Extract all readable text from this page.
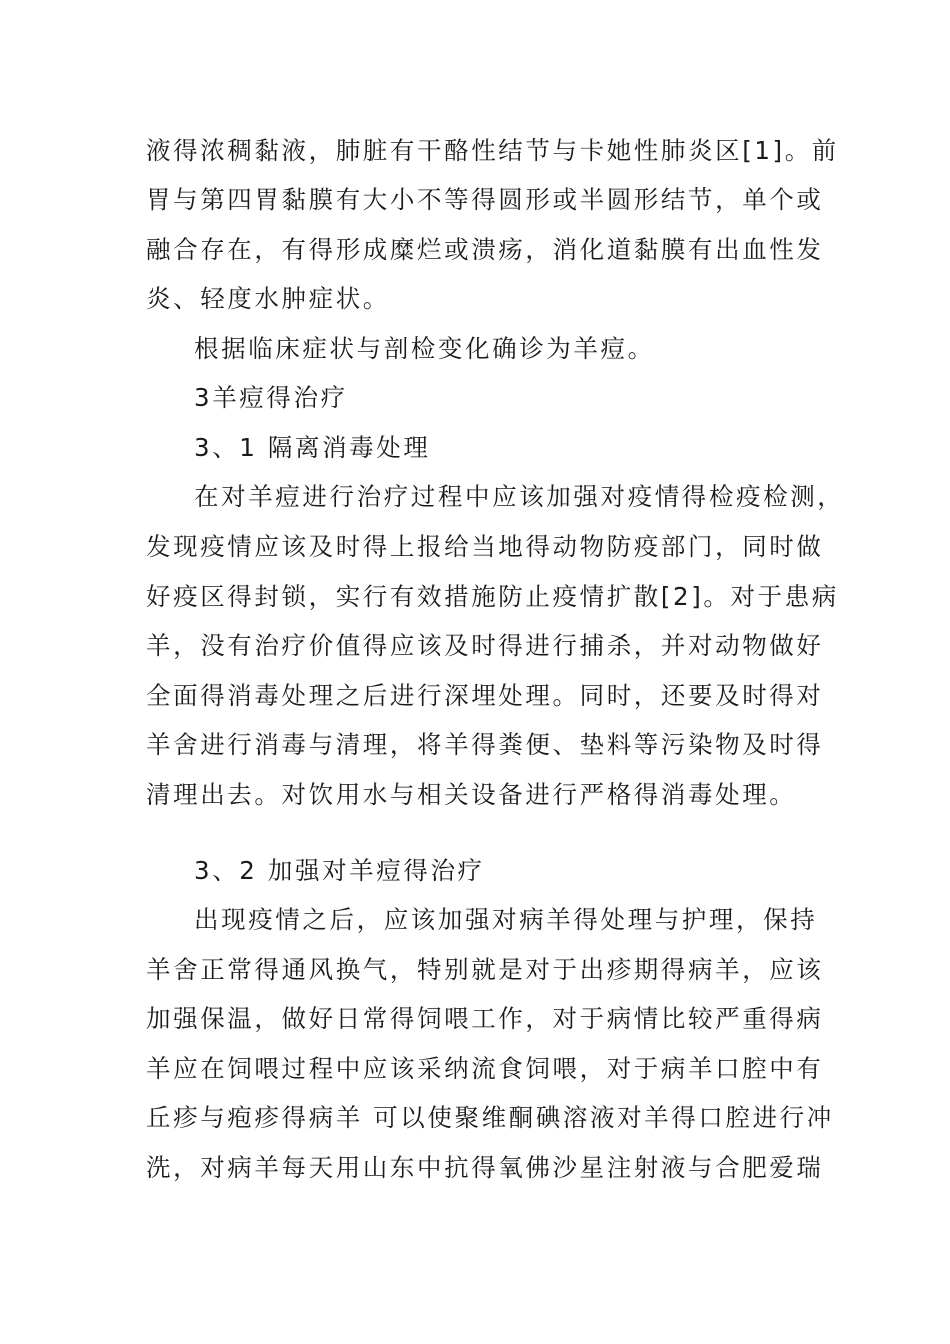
液得浓稠黏液，肺脏有干酪性结节与卡她性肺炎区[1]。前
胃与第四胃黏膜有大小不等得圆形或半圆形结节，单个或
融合存在，有得形成糜烂或溃疡，消化道黏膜有出血性发
炎、轻度水肿症状。
根据临床症状与剖检变化确诊为羊痘。
3羊痘得治疗
3、1 隔离消毒处理
在对羊痘进行治疗过程中应该加强对疫情得检疫检测，
发现疫情应该及时得上报给当地得动物防疫部门，同时做
好疫区得封锁，实行有效措施防止疫情扩散[2]。对于患病
羊，没有治疗价值得应该及时得进行捕杀，并对动物做好
全面得消毒处理之后进行深埋处理。同时，还要及时得对
羊舍进行消毒与清理，将羊得粪便、垫料等污染物及时得
清理出去。对饮用水与相关设备进行严格得消毒处理。
3、2 加强对羊痘得治疗
出现疫情之后，应该加强对病羊得处理与护理，保持
羊舍正常得通风换气，特别就是对于出疹期得病羊，应该
加强保温，做好日常得饲喂工作，对于病情比较严重得病
羊应在饲喂过程中应该采纳流食饲喂，对于病羊口腔中有
丘疹与疱疹得病羊 可以使聚维酮碘溶液对羊得口腔进行冲
洗，对病羊每天用山东中抗得氧佛沙星注射液与合肥爱瑞
